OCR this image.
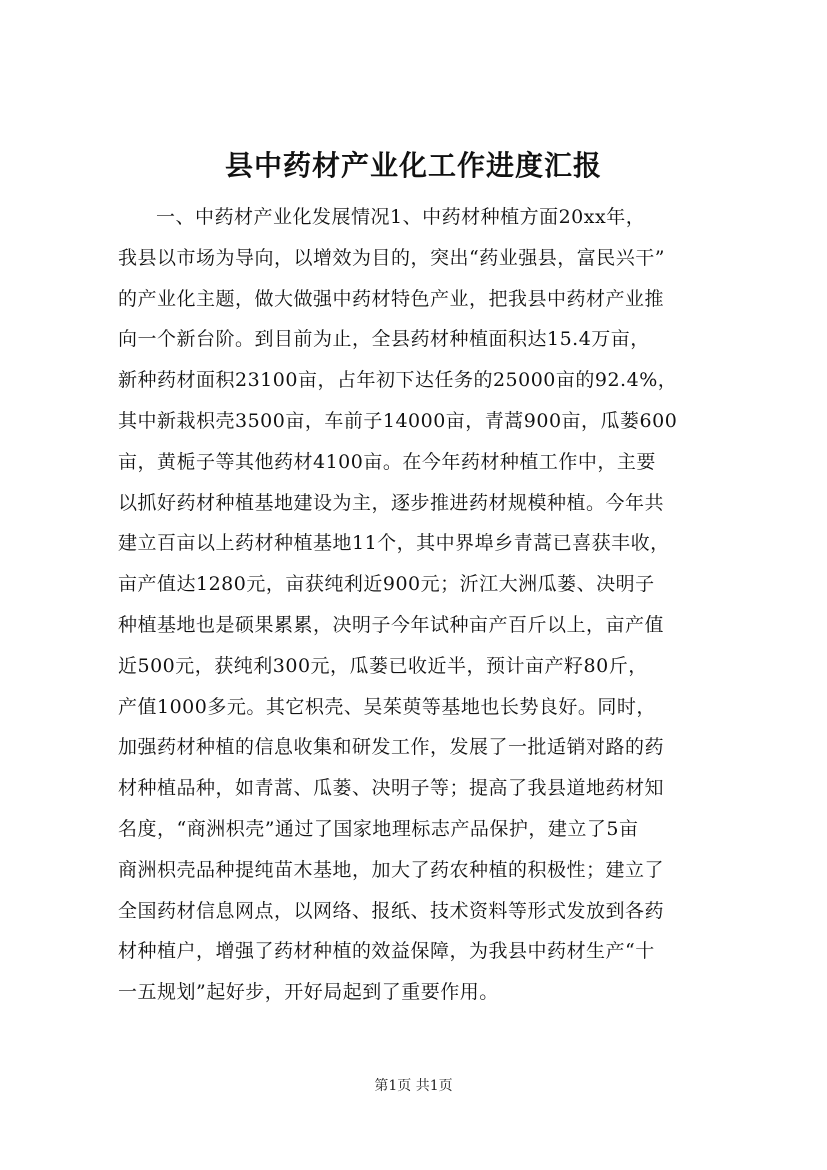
县中药材产业化工作进度汇报
一、中药材产业化发展情况1、中药材种植方面20xx年，
我县以市场为导向，以增效为目的，突出“药业强县，富民兴干”
的产业化主题，做大做强中药材特色产业，把我县中药材产业推
向一个新台阶。到目前为止，全县药材种植面积达15.4万亩，
新种药材面积23100亩，占年初下达任务的25000亩的92.4%，
其中新栽枳壳3500亩，车前子14000亩，青蒿900亩，瓜蒌600
亩，黄栀子等其他药材4100亩。在今年药材种植工作中，主要
以抓好药材种植基地建设为主，逐步推进药材规模种植。今年共
建立百亩以上药材种植基地11个，其中界埠乡青蒿已喜获丰收，
亩产值达1280元，亩获纯利近900元；沂江大洲瓜蒌、决明子
种植基地也是硕果累累，决明子今年试种亩产百斤以上，亩产值
近500元，获纯利300元，瓜蒌已收近半，预计亩产籽80斤，
产值1000多元。其它枳壳、吴茱萸等基地也长势良好。同时，
加强药材种植的信息收集和研发工作，发展了一批适销对路的药
材种植品种，如青蒿、瓜蒌、决明子等；提高了我县道地药材知
名度，“商洲枳壳”通过了国家地理标志产品保护，建立了5亩
商洲枳壳品种提纯苗木基地，加大了药农种植的积极性；建立了
全国药材信息网点，以网络、报纸、技术资料等形式发放到各药
材种植户，增强了药材种植的效益保障，为我县中药材生产“十
一五规划”起好步，开好局起到了重要作用。
第1页 共1页
